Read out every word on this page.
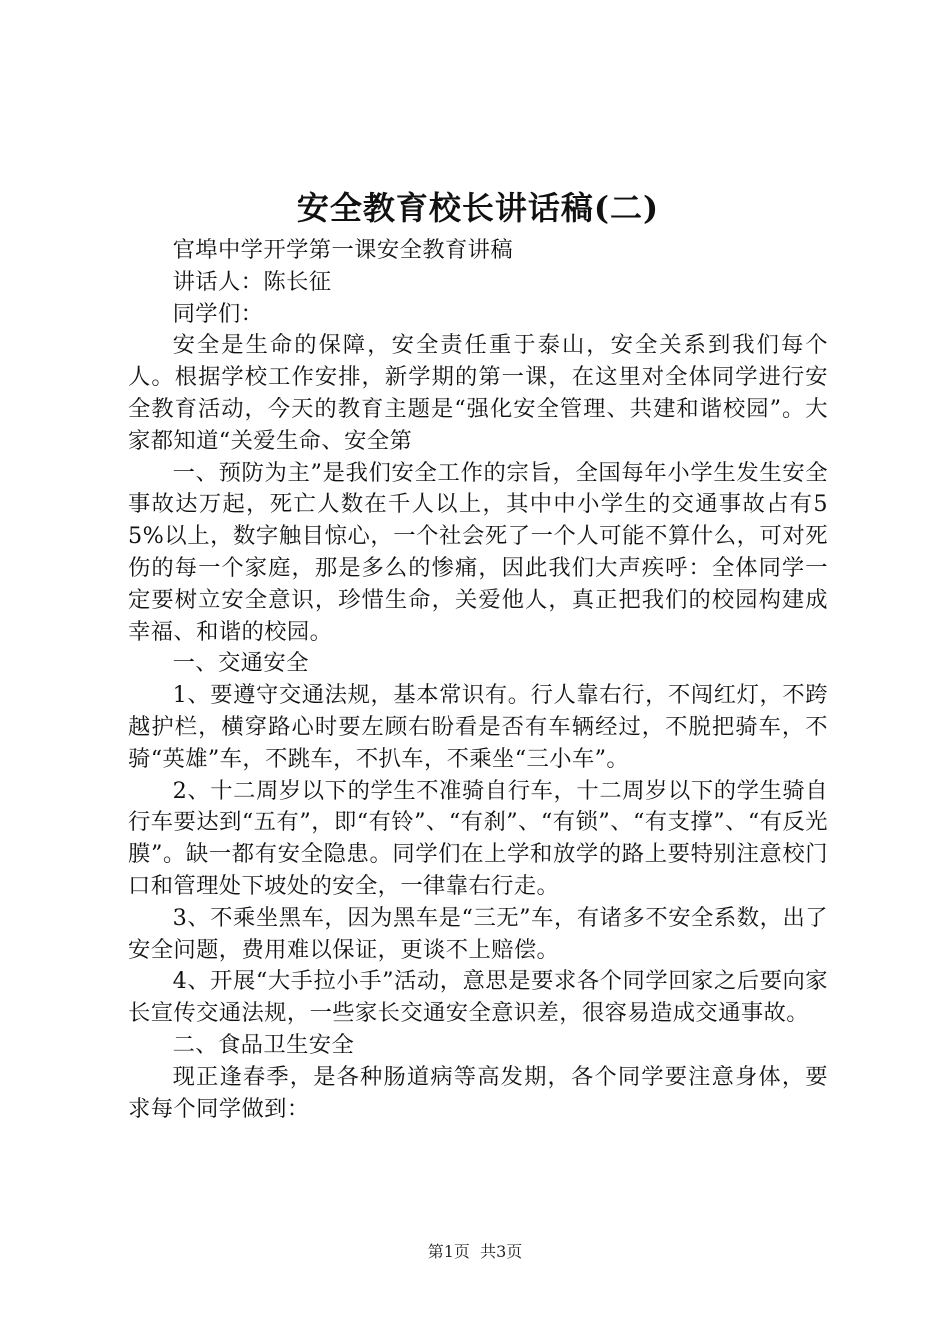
安全教育校长讲话稿(二)

官埠中学开学第一课安全教育讲稿

讲话人：陈长征

同学们：

安全是生命的保障，安全责任重于泰山，安全关系到我们每个人。根据学校工作安排，新学期的第一课，在这里对全体同学进行安全教育活动，今天的教育主题是“强化安全管理、共建和谐校园”。大家都知道“关爱生命、安全第

一、预防为主”是我们安全工作的宗旨，全国每年小学生发生安全事故达万起，死亡人数在千人以上，其中中小学生的交通事故占有55%以上，数字触目惊心，一个社会死了一个人可能不算什么，可对死伤的每一个家庭，那是多么的惨痛，因此我们大声疾呼：全体同学一定要树立安全意识，珍惜生命，关爱他人，真正把我们的校园构建成幸福、和谐的校园。

一、交通安全

1、要遵守交通法规，基本常识有。行人靠右行，不闯红灯，不跨越护栏，横穿路心时要左顾右盼看是否有车辆经过，不脱把骑车，不骑“英雄”车，不跳车，不扒车，不乘坐“三小车”。

2、十二周岁以下的学生不准骑自行车，十二周岁以下的学生骑自行车要达到“五有”，即“有铃”、“有刹”、“有锁”、“有支撑”、“有反光膜”。缺一都有安全隐患。同学们在上学和放学的路上要特别注意校门口和管理处下坡处的安全，一律靠右行走。

3、不乘坐黑车，因为黑车是“三无”车，有诸多不安全系数，出了安全问题，费用难以保证，更谈不上赔偿。

4、开展“大手拉小手”活动，意思是要求各个同学回家之后要向家长宣传交通法规，一些家长交通安全意识差，很容易造成交通事故。

二、食品卫生安全

现正逢春季，是各种肠道病等高发期，各个同学要注意身体，要求每个同学做到：

第1页  共3页
